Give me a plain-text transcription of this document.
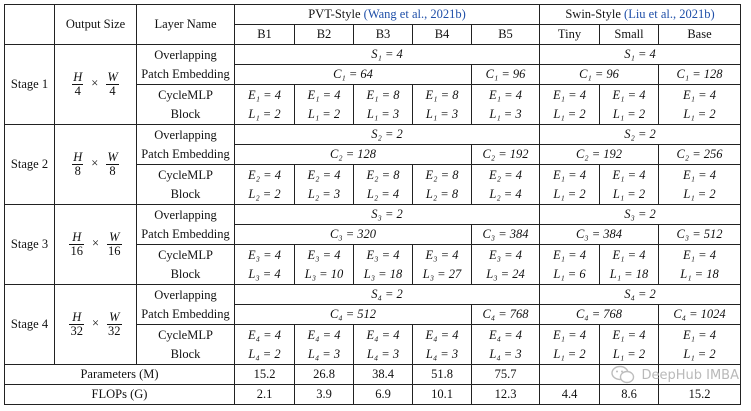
	Output Size	Layer Name	PVT-Style (Wang et al., 2021b)					Swin-Style (Liu et al., 2021b)		
			B1	B2	B3	B4	B5	Tiny	Small	Base
Stage 1	$\frac{H}{4} \times \frac{W}{4}$	Overlapping	S₁ = 4					S₁ = 4		
		Patch Embedding	C₁ = 64				C₁ = 96	C₁ = 96		C₁ = 128
		CycleMLP	E₁ = 4	E₁ = 4	E₁ = 8	E₁ = 8	E₁ = 4	E₁ = 4	E₁ = 4	E₁ = 4
		Block	L₁ = 2	L₁ = 2	L₁ = 3	L₁ = 3	L₁ = 3	L₁ = 2	L₁ = 2	L₁ = 2
Stage 2	$\frac{H}{8} \times \frac{W}{8}$	Overlapping	S₂ = 2					S₂ = 2		
		Patch Embedding	C₂ = 128				C₂ = 192	C₂ = 192		C₂ = 256
		CycleMLP	E₂ = 4	E₂ = 4	E₂ = 8	E₂ = 8	E₂ = 4	E₁ = 4	E₁ = 4	E₁ = 4
		Block	L₂ = 2	L₂ = 3	L₂ = 4	L₂ = 8	L₂ = 4	L₁ = 2	L₁ = 2	L₁ = 2
Stage 3	$\frac{H}{16} \times \frac{W}{16}$	Overlapping	S₃ = 2					S₃ = 2		
		Patch Embedding	C₃ = 320				C₃ = 384	C₃ = 384		C₃ = 512
		CycleMLP	E₃ = 4	E₃ = 4	E₃ = 4	E₃ = 4	E₃ = 4	E₁ = 4	E₁ = 4	E₁ = 4
		Block	L₃ = 4	L₃ = 10	L₃ = 18	L₃ = 27	L₃ = 24	L₁ = 6	L₁ = 18	L₁ = 18
Stage 4	$\frac{H}{32} \times \frac{W}{32}$	Overlapping	S₄ = 2					S₄ = 2		
		Patch Embedding	C₄ = 512				C₄ = 768	C₄ = 768		C₄ = 1024
		CycleMLP	E₄ = 4	E₄ = 4	E₄ = 4	E₄ = 4	E₄ = 4	E₁ = 4	E₁ = 4	E₁ = 4
		Block	L₄ = 2	L₄ = 3	L₄ = 3	L₄ = 3	L₄ = 3	L₁ = 2	L₁ = 2	L₁ = 2
Parameters (M)			15.2	26.8	38.4	51.8	75.7			
FLOPs (G)			2.1	3.9	6.9	10.1	12.3	4.4	8.6	15.2
DeepHub IMBA
